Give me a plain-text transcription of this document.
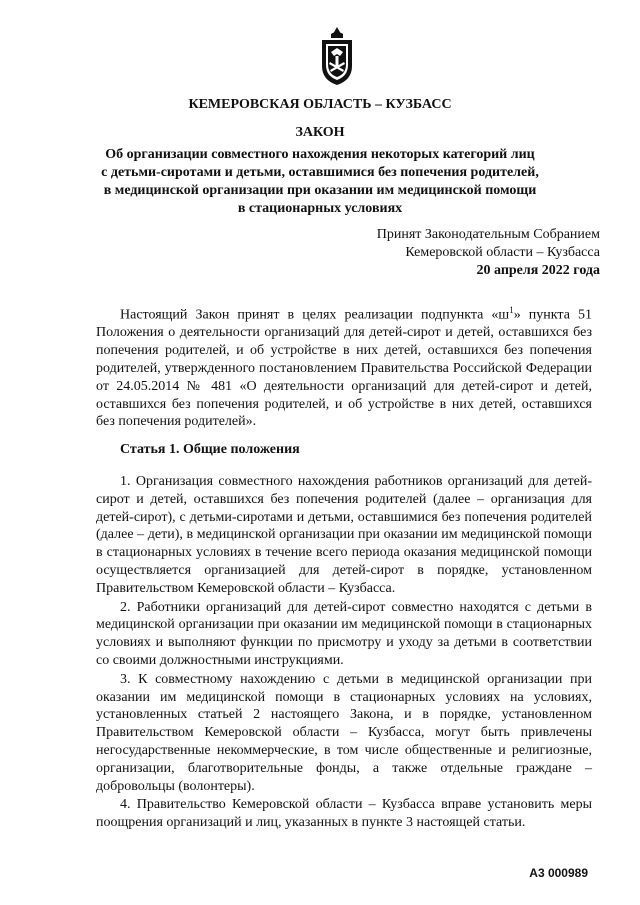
КЕМЕРОВСКАЯ ОБЛАСТЬ – КУЗБАСС
ЗАКОН
Об организации совместного нахождения некоторых категорий лиц
с детьми-сиротами и детьми, оставшимися без попечения родителей,
в медицинской организации при оказании им медицинской помощи
в стационарных условиях
Принят Законодательным Собранием
Кемеровской области – Кузбасса
20 апреля 2022 года

Настоящий Закон принят в целях реализации подпункта «$ш^1$» пункта 51 Положения о деятельности организаций для детей-сирот и детей, оставшихся без попечения родителей, и об устройстве в них детей, оставшихся без попечения родителей, утвержденного постановлением Правительства Российской Федерации от 24.05.2014 № 481 «О деятельности организаций для детей-сирот и детей, оставшихся без попечения родителей, и об устройстве в них детей, оставшихся без попечения родителей».

Статья 1. Общие положения

1. Организация совместного нахождения работников организаций для детей-сирот и детей, оставшихся без попечения родителей (далее – организация для детей-сирот), с детьми-сиротами и детьми, оставшимися без попечения родителей (далее – дети), в медицинской организации при оказании им медицинской помощи в стационарных условиях в течение всего периода оказания медицинской помощи осуществляется организацией для детей-сирот в порядке, установленном Правительством Кемеровской области – Кузбасса.

2. Работники организаций для детей-сирот совместно находятся с детьми в медицинской организации при оказании им медицинской помощи в стационарных условиях и выполняют функции по присмотру и уходу за детьми в соответствии со своими должностными инструкциями.

3. К совместному нахождению с детьми в медицинской организации при оказании им медицинской помощи в стационарных условиях на условиях, установленных статьей 2 настоящего Закона, и в порядке, установленном Правительством Кемеровской области – Кузбасса, могут быть привлечены негосударственные некоммерческие, в том числе общественные и религиозные, организации, благотворительные фонды, а также отдельные граждане – добровольцы (волонтеры).

4. Правительство Кемеровской области – Кузбасса вправе установить меры поощрения организаций и лиц, указанных в пункте 3 настоящей статьи.

А3 000989
